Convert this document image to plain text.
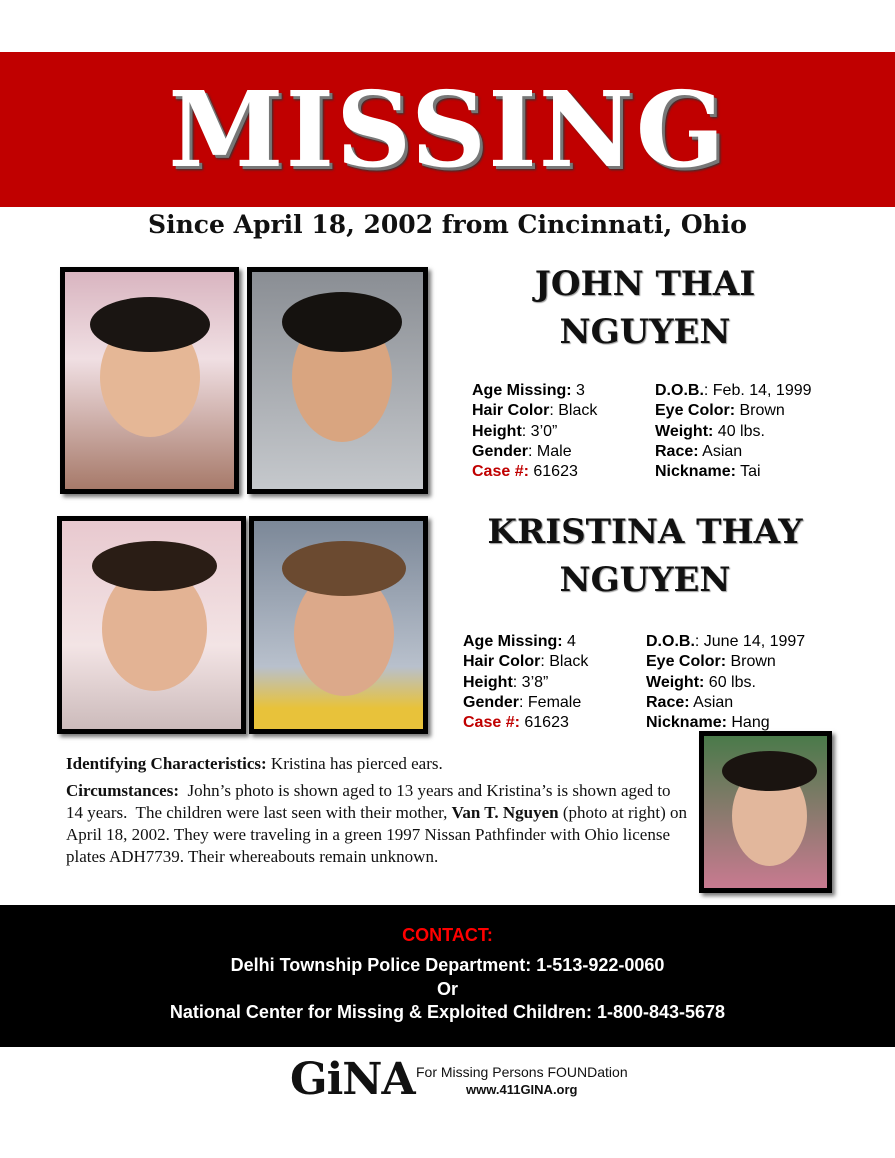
MISSING
Since April 18, 2002 from Cincinnati, Ohio
JOHN THAI
NGUYEN
Age Missing: 3
Hair Color: Black
Height: 3’0”
Gender: Male
Case #: 61623
D.O.B.: Feb. 14, 1999
Eye Color: Brown
Weight: 40 lbs.
Race: Asian
Nickname: Tai
KRISTINA THAY
NGUYEN
Age Missing: 4
Hair Color: Black
Height: 3’8”
Gender: Female
Case #: 61623
D.O.B.: June 14, 1997
Eye Color: Brown
Weight: 60 lbs.
Race: Asian
Nickname: Hang
Identifying Characteristics: Kristina has pierced ears.
Circumstances:  John’s photo is shown aged to 13 years and Kristina’s is shown aged to 14 years.  The children were last seen with their mother, Van T. Nguyen (photo at right) on April 18, 2002. They were traveling in a green 1997 Nissan Pathfinder with Ohio license plates ADH7739. Their whereabouts remain unknown.
CONTACT:
Delhi Township Police Department: 1-513-922-0060
Or
National Center for Missing & Exploited Children: 1-800-843-5678
GiNA For Missing Persons FOUNDation
www.411GINA.org
